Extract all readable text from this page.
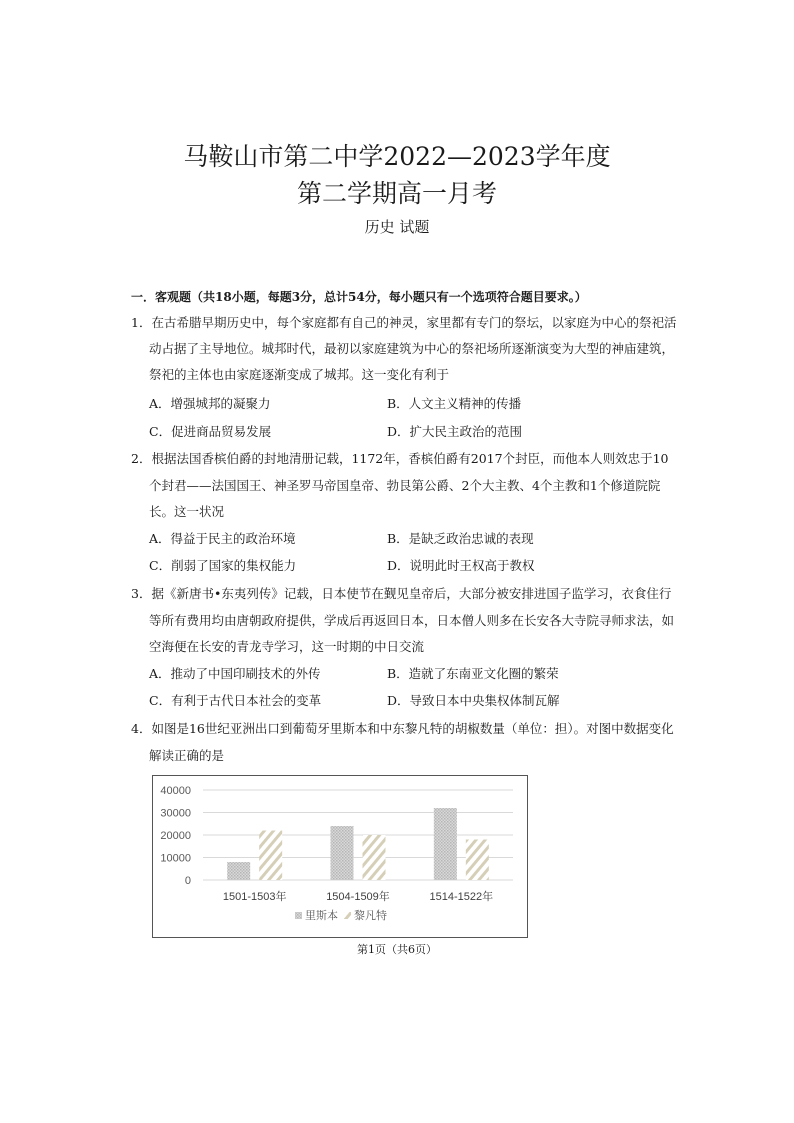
马鞍山市第二中学2022—2023学年度
第二学期高一月考
历史 试题
一．客观题（共18小题，每题3分，总计54分，每小题只有一个选项符合题目要求。）
1．在古希腊早期历史中，每个家庭都有自己的神灵，家里都有专门的祭坛，以家庭为中心的祭祀活
动占据了主导地位。城邦时代，最初以家庭建筑为中心的祭祀场所逐渐演变为大型的神庙建筑，
祭祀的主体也由家庭逐渐变成了城邦。这一变化有利于
A．增强城邦的凝聚力	B．人文主义精神的传播
C．促进商品贸易发展	D．扩大民主政治的范围
2．根据法国香槟伯爵的封地清册记载，1172年，香槟伯爵有2017个封臣，而他本人则效忠于10
个封君——法国国王、神圣罗马帝国皇帝、勃艮第公爵、2个大主教、4个主教和1个修道院院
长。这一状况
A．得益于民主的政治环境	B．是缺乏政治忠诚的表现
C．削弱了国家的集权能力	D．说明此时王权高于教权
3．据《新唐书•东夷列传》记载，日本使节在觐见皇帝后，大部分被安排进国子监学习，衣食住行
等所有费用均由唐朝政府提供，学成后再返回日本，日本僧人则多在长安各大寺院寻师求法，如
空海便在长安的青龙寺学习，这一时期的中日交流
A．推动了中国印刷技术的外传	B．造就了东南亚文化圈的繁荣
C．有利于古代日本社会的变革	D．导致日本中央集权体制瓦解
4．如图是16世纪亚洲出口到葡萄牙里斯本和中东黎凡特的胡椒数量（单位：担）。对图中数据变化
解读正确的是
40000
30000
20000
10000
0
1501-1503年	1504-1509年	1514-1522年
里斯本 黎凡特
第1页（共6页）
